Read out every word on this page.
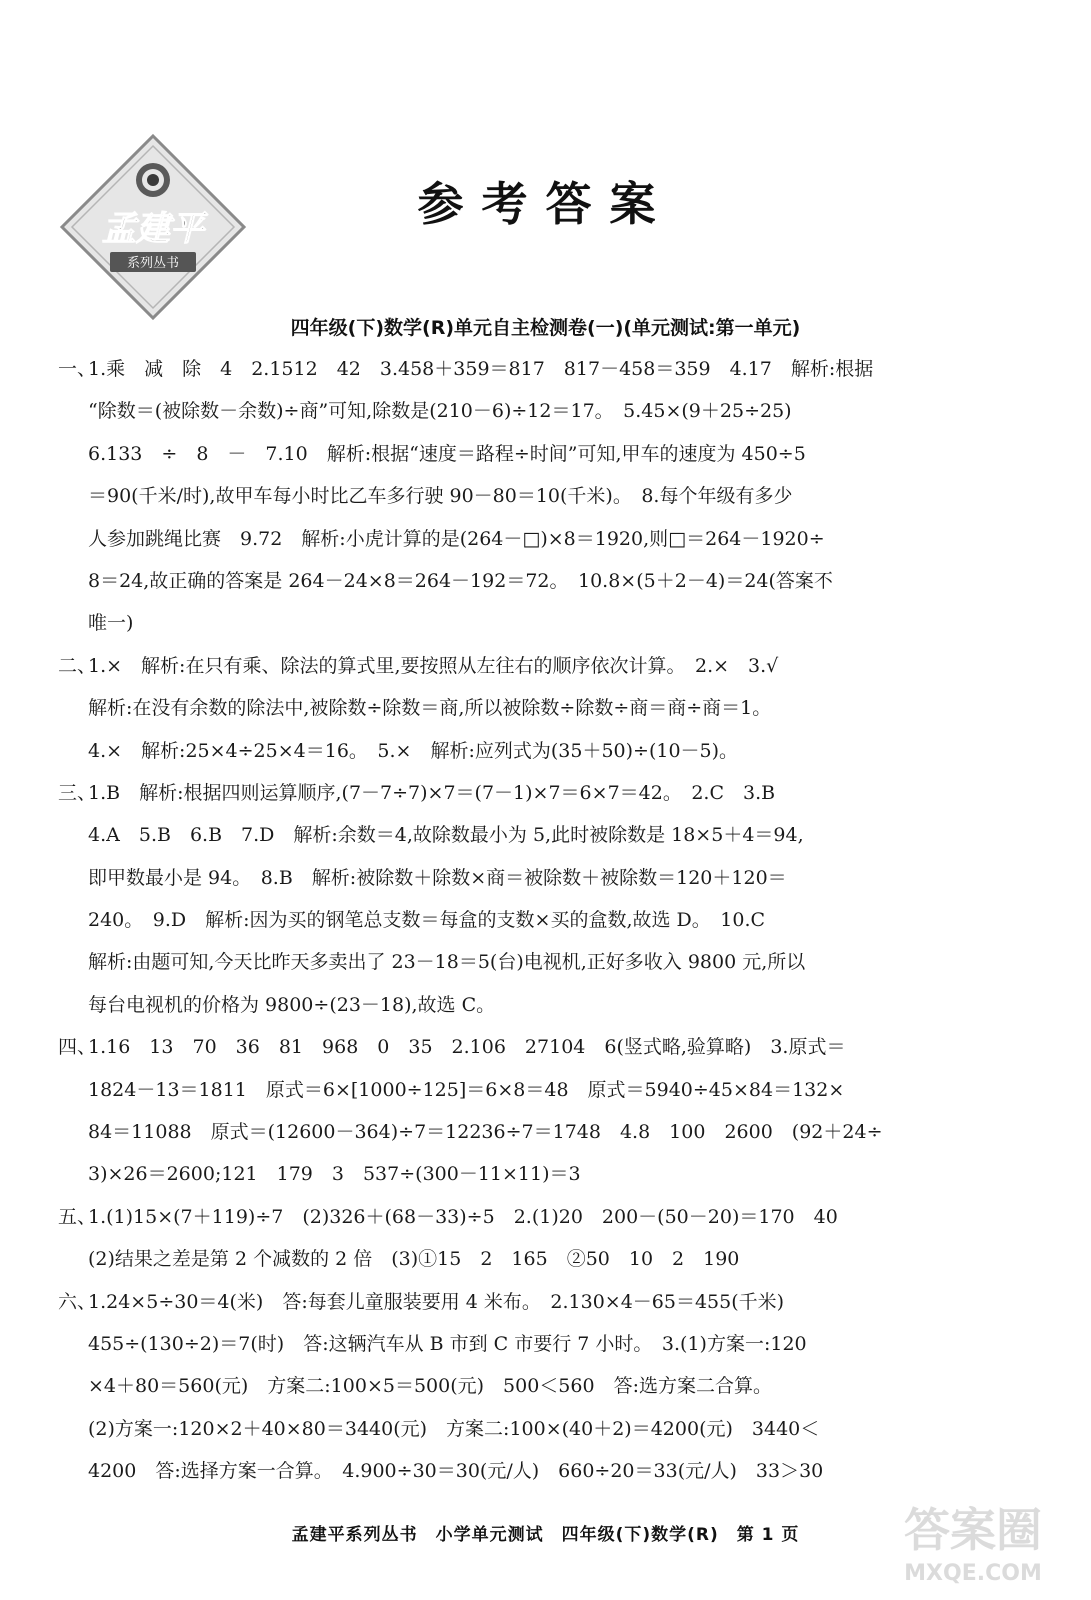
孟建平
系列丛书
参考答案
四年级(下)数学(R)单元自主检测卷(一)(单元测试:第一单元)
一、
1.乘　减　除　4　2.1512　42　3.458＋359＝817　817－458＝359　4.17　解析:根据
“除数＝(被除数－余数)÷商”可知,除数是(210－6)÷12＝17。　5.45×(9＋25÷25)
6.133　÷　8　－　7.10　解析:根据“速度＝路程÷时间”可知,甲车的速度为 450÷5
＝90(千米/时),故甲车每小时比乙车多行驶 90－80＝10(千米)。　8.每个年级有多少
人参加跳绳比赛　9.72　解析:小虎计算的是(264－□)×8＝1920,则□＝264－1920÷
8＝24,故正确的答案是 264－24×8＝264－192＝72。　10.8×(5＋2－4)＝24(答案不
唯一)
二、
1.×　解析:在只有乘、除法的算式里,要按照从左往右的顺序依次计算。　2.×　3.√
解析:在没有余数的除法中,被除数÷除数＝商,所以被除数÷除数÷商＝商÷商＝1。
4.×　解析:25×4÷25×4＝16。　5.×　解析:应列式为(35＋50)÷(10－5)。
三、
1.B　解析:根据四则运算顺序,(7－7÷7)×7＝(7－1)×7＝6×7＝42。　2.C　3.B
4.A　5.B　6.B　7.D　解析:余数＝4,故除数最小为 5,此时被除数是 18×5＋4＝94,
即甲数最小是 94。　8.B　解析:被除数＋除数×商＝被除数＋被除数＝120＋120＝
240。　9.D　解析:因为买的钢笔总支数＝每盒的支数×买的盒数,故选 D。　10.C
解析:由题可知,今天比昨天多卖出了 23－18＝5(台)电视机,正好多收入 9800 元,所以
每台电视机的价格为 9800÷(23－18),故选 C。
四、
1.16　13　70　36　81　968　0　35　2.106　27104　6(竖式略,验算略)　3.原式＝
1824－13＝1811　原式＝6×[1000÷125]＝6×8＝48　原式＝5940÷45×84＝132×
84＝11088　原式＝(12600－364)÷7＝12236÷7＝1748　4.8　100　2600　(92＋24÷
3)×26＝2600;121　179　3　537÷(300－11×11)＝3
五、
1.(1)15×(7＋119)÷7　(2)326＋(68－33)÷5　2.(1)20　200－(50－20)＝170　40
(2)结果之差是第 2 个减数的 2 倍　(3)①15　2　165　②50　10　2　190
六、
1.24×5÷30＝4(米)　答:每套儿童服装要用 4 米布。　2.130×4－65＝455(千米)
455÷(130÷2)＝7(时)　答:这辆汽车从 B 市到 C 市要行 7 小时。　3.(1)方案一:120
×4＋80＝560(元)　方案二:100×5＝500(元)　500＜560　答:选方案二合算。
(2)方案一:120×2＋40×80＝3440(元)　方案二:100×(40＋2)＝4200(元)　3440＜
4200　答:选择方案一合算。　4.900÷30＝30(元/人)　660÷20＝33(元/人)　33＞30
孟建平系列丛书　小学单元测试　四年级(下)数学(R)　第 1 页	答案圈
MXQE.COM
